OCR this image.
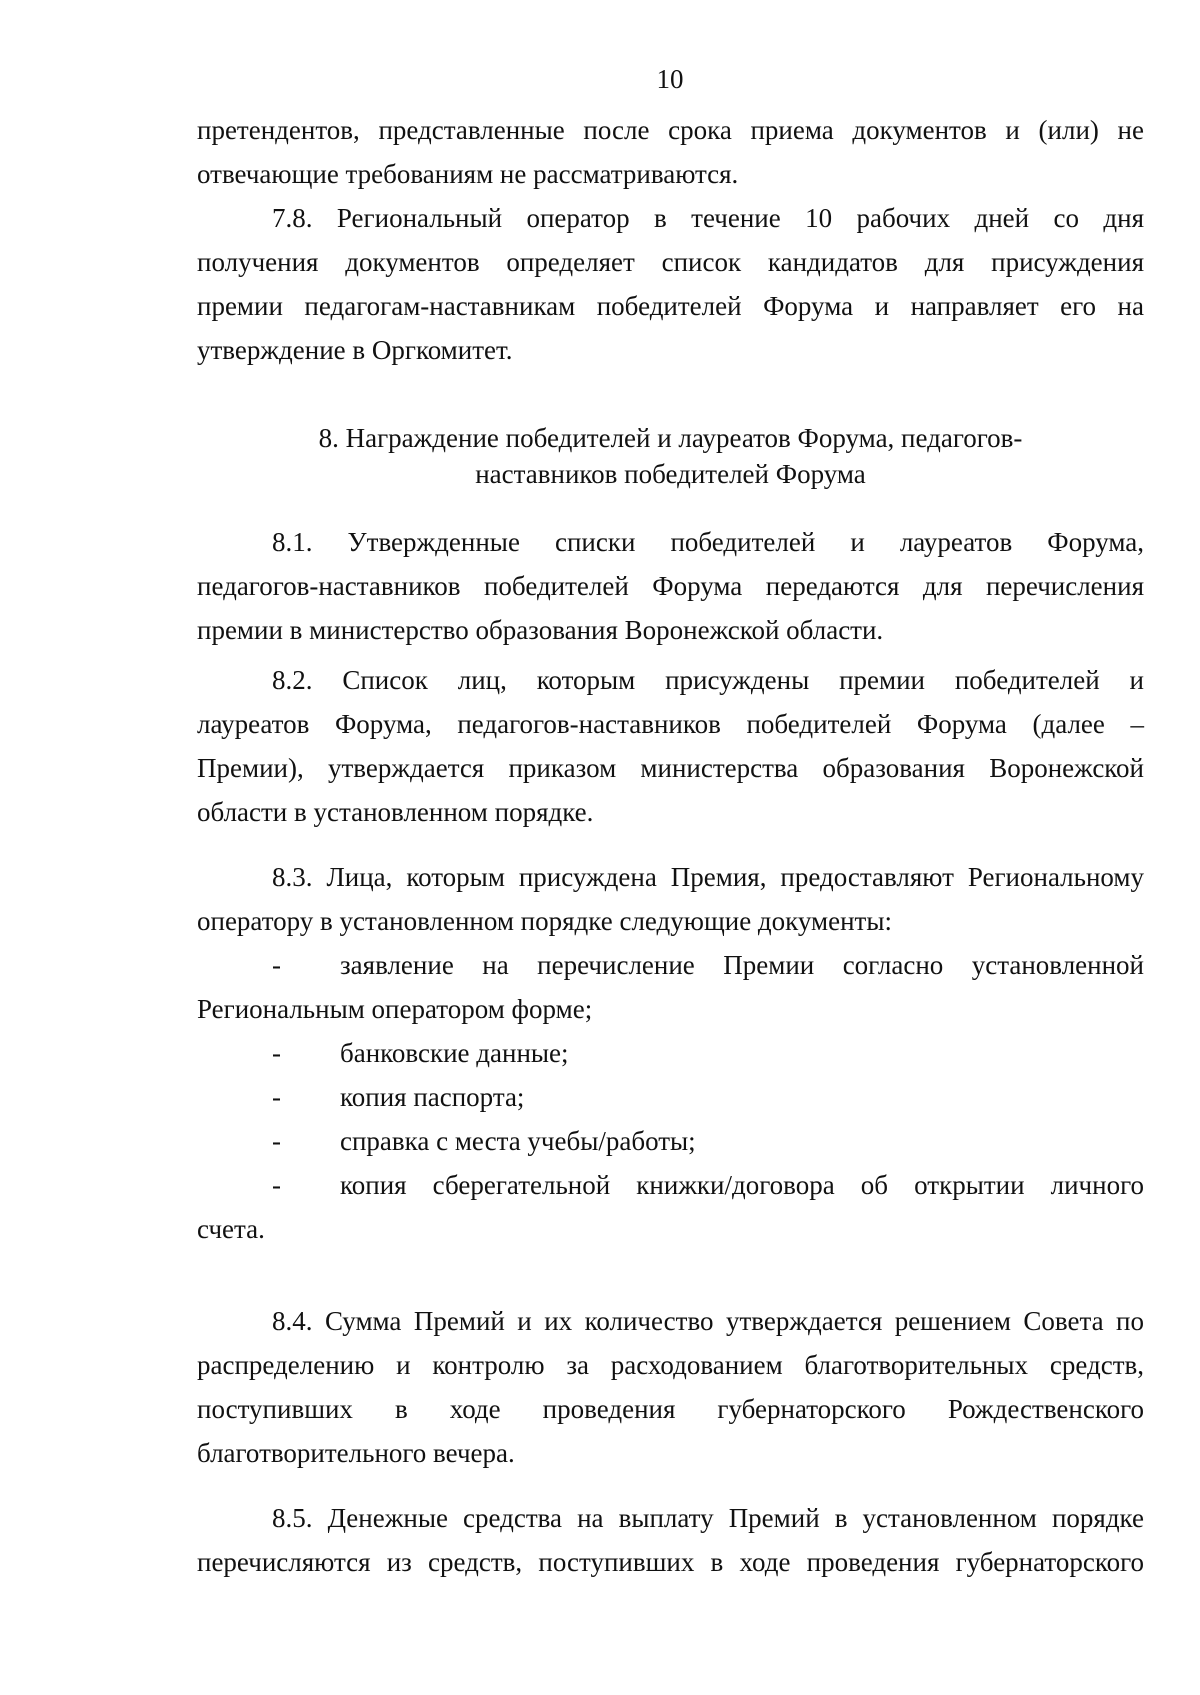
10
претендентов, представленные после срока приема документов и (или) не
отвечающие требованиям не рассматриваются.
7.8. Региональный оператор в течение 10 рабочих дней со дня
получения документов определяет список кандидатов для присуждения
премии педагогам-наставникам победителей Форума и направляет его на
утверждение в Оргкомитет.
8. Награждение победителей и лауреатов Форума, педагогов-
наставников победителей Форума
8.1. Утвержденные списки победителей и лауреатов Форума,
педагогов-наставников победителей Форума передаются для перечисления
премии в министерство образования Воронежской области.
8.2. Список лиц, которым присуждены премии победителей и
лауреатов Форума, педагогов-наставников победителей Форума (далее –
Премии), утверждается приказом министерства образования Воронежской
области в установленном порядке.
8.3. Лица, которым присуждена Премия, предоставляют Региональному
оператору в установленном порядке следующие документы:
-	заявление на перечисление Премии согласно установленной
Региональным оператором форме;
-	банковские данные;
-	копия паспорта;
-	справка с места учебы/работы;
-	копия сберегательной книжки/договора об открытии личного
счета.
8.4. Сумма Премий и их количество утверждается решением Совета по
распределению и контролю за расходованием благотворительных средств,
поступивших в ходе проведения губернаторского Рождественского
благотворительного вечера.
8.5. Денежные средства на выплату Премий в установленном порядке
перечисляются из средств, поступивших в ходе проведения губернаторского
